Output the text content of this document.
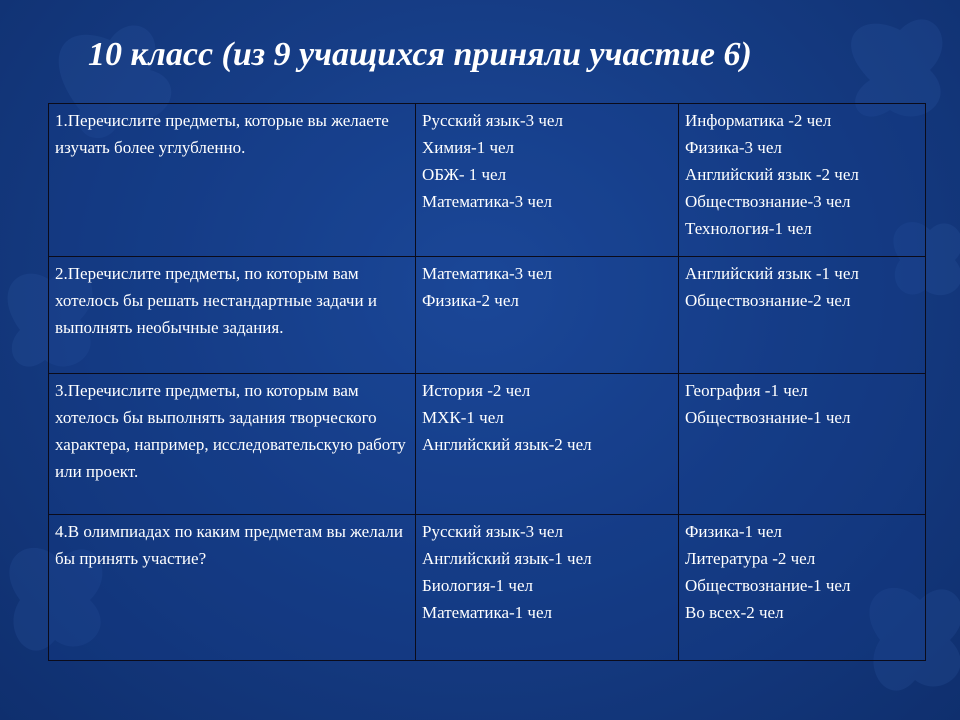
10 класс (из 9 учащихся приняли участие 6)
1.Перечислите предметы, которые вы желаете изучать более углубленно.	Русский язык-3 чел
Химия-1 чел
ОБЖ- 1 чел
Математика-3 чел	Информатика -2 чел
Физика-3 чел
Английский язык -2 чел
Обществознание-3 чел
Технология-1 чел

2.Перечислите предметы, по которым вам хотелось бы решать нестандартные задачи и выполнять необычные задания.	Математика-3 чел
Физика-2 чел	Английский язык -1 чел
Обществознание-2 чел

3.Перечислите предметы, по которым вам хотелось бы выполнять задания творческого характера, например, исследовательскую работу или проект.	История -2 чел
МХК-1 чел
Английский язык-2 чел	География -1 чел
Обществознание-1 чел

4.В олимпиадах по каким предметам вы желали бы принять участие?	Русский язык-3 чел
Английский язык-1 чел
Биология-1 чел
Математика-1 чел	Физика-1 чел
Литература -2 чел
Обществознание-1 чел
Во всех-2 чел
